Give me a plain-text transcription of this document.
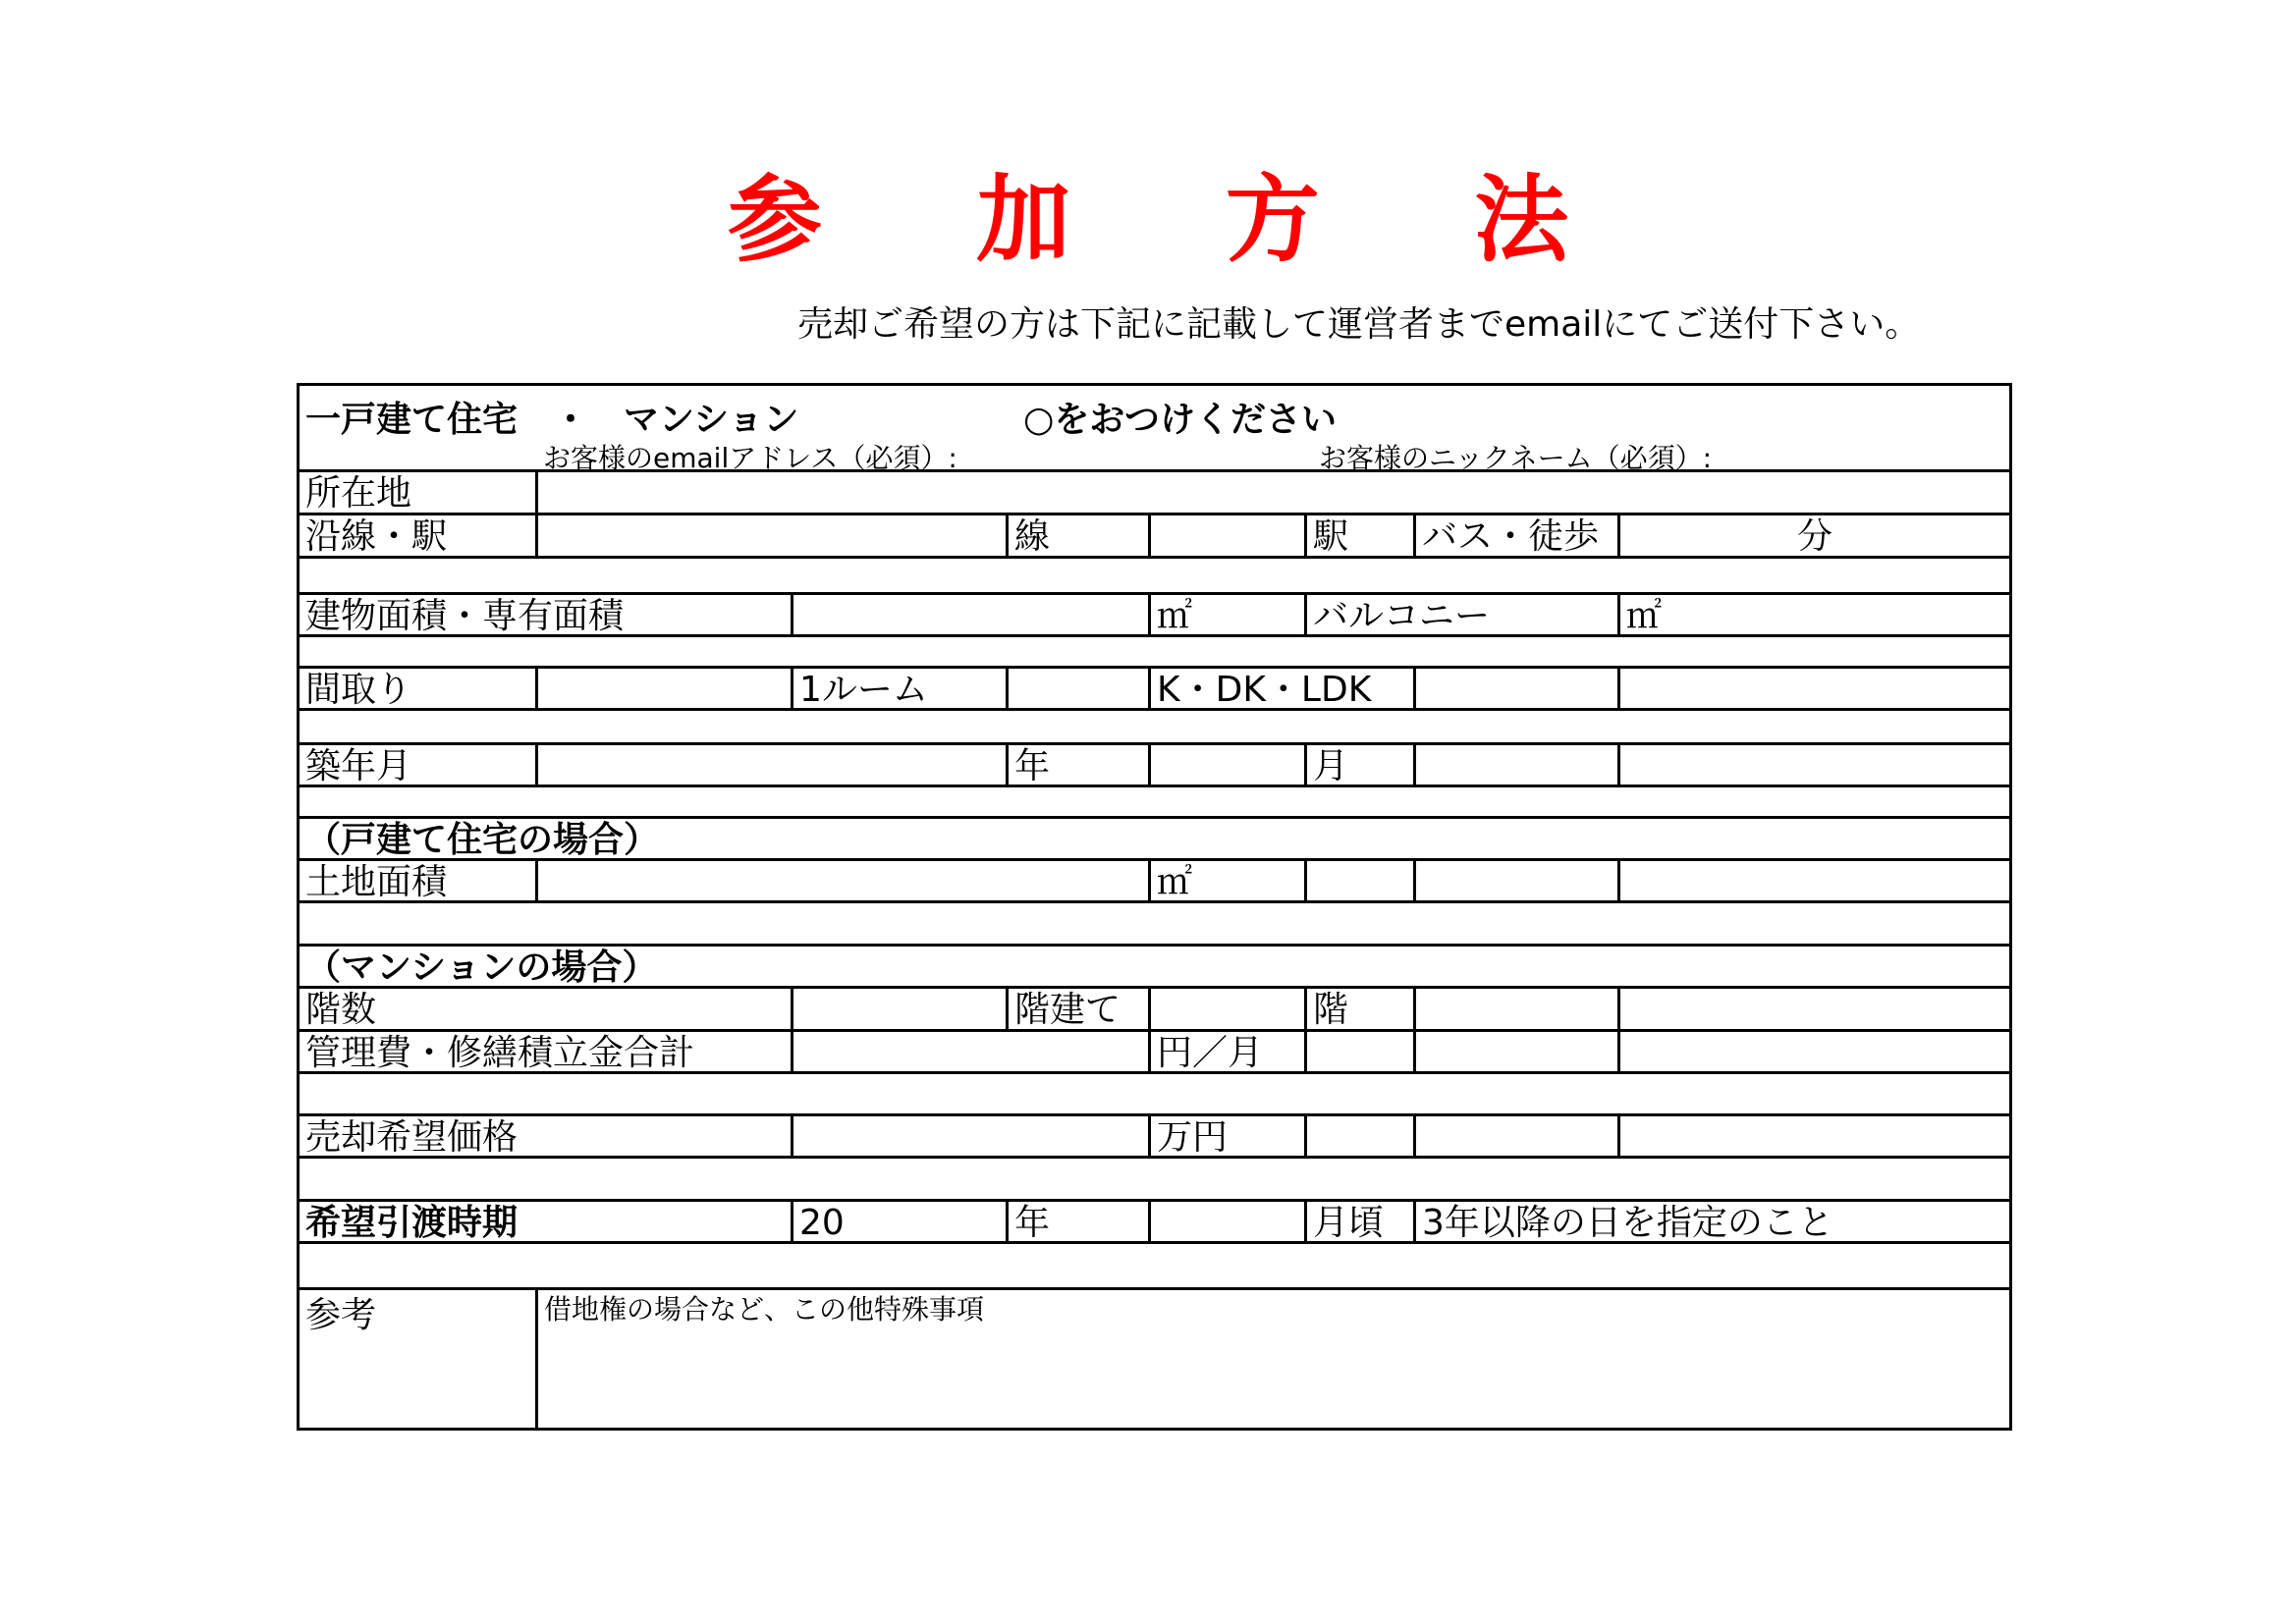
参 加 方 法
売却ご希望の方は下記に記載して運営者までemailにてご送付下さい。
一戸建て住宅　・　マンション	○をおつけください
お客様のemailアドレス（必須）:	お客様のニックネーム（必須）:
所在地
沿線・駅	線	駅	バス・徒歩	分
建物面積・専有面積	㎡	バルコニー	㎡
間取り	1ルーム	K・DK・LDK
築年月	年	月
（戸建て住宅の場合）
土地面積	㎡
（マンションの場合）
階数	階建て	階
管理費・修繕積立金合計	円／月
売却希望価格	万円
希望引渡時期	20	年	月頃	3年以降の日を指定のこと
参考	借地権の場合など、この他特殊事項
